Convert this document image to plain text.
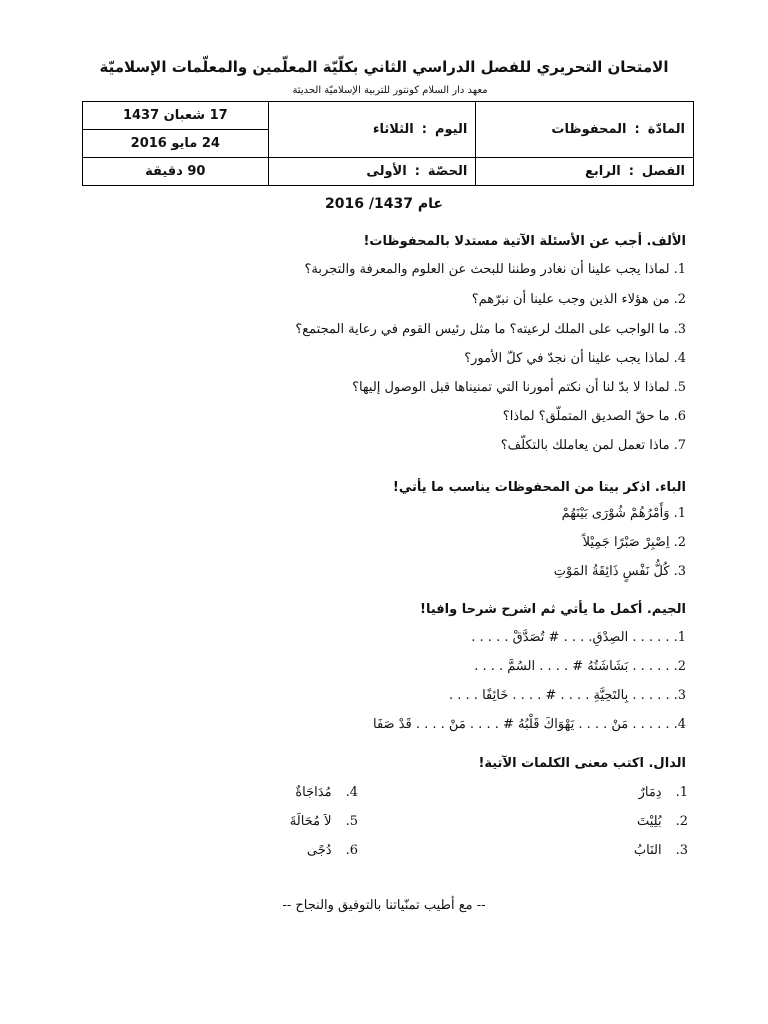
الامتحان التحريري للفصل الدراسي الثاني بكلّيّة المعلّمين والمعلّمات الإسلاميّة
معهد دار السلام كونتور للتربية الإسلاميّة الحديثة
المادّة:المحفوظات	اليوم:الثلاثاء	17 شعبان 1437
		24 مايو 2016
الفصل:الرابع	الحصّة:الأولى	90 دقيقة
عام 1437/ 2016
الألف. أجب عن الأسئلة الآتية مستدلا بالمحفوظات!
1.لماذا يجب علينا أن نغادر وطننا للبحث عن العلوم والمعرفة والتجربة؟
2.من هؤلاء الذين وجب علينا أن نبرّهم؟
3.ما الواجب على الملك لرعيته؟ ما مثل رئيس القوم في رعاية المجتمع؟
4.لماذا يجب علينا أن نجدّ في كلّ الأمور؟
5.لماذا لا بدّ لنا أن نكتم أمورنا التي تمنيناها قبل الوصول إليها؟
6.ما حقّ الصديق المتملّق؟ لماذا؟
7.ماذا تعمل لمن يعاملك بالتكلّف؟
الباء. اذكر بيتا من المحفوظات يناسب ما يأتي!
1.وَأَمْرُهُمْ شُوْرَى بَيْنَهُمْ
2.اِصْبِرْ صَبْرًا جَمِيْلاً
3.كُلُّ نَفْسٍ ذَائِقَةُ المَوْتِ
الجيم. أكمل ما يأتي ثم اشرح شرحا وافيا!
1.. . . . . الصِدْقِ. . . . # تُصَدَّقْ . . . . .
2.. . . . . بَشَاشَتُهُ # . . . . السُمَّ . . . .
3.. . . . . بِالتَحِيَّةِ . . . . # . . . . خَائِفًا . . . .
4.. . . . . مَنْ . . . . يَهْوَاكَ قَلْبُهُ # . . . . مَنْ . . . . قَدْ صَفَا
الدال. اكتب معنى الكلمات الآتية!
1.دِمَارٌ
2.بُلِيْتَ
3.النَابُ
4.مُدَاجَاةٌ
5.لاَ مُحَالَةَ
6.دُجًى
-- مع أطيب تمنّياتنا بالتوفيق والنجاح --
